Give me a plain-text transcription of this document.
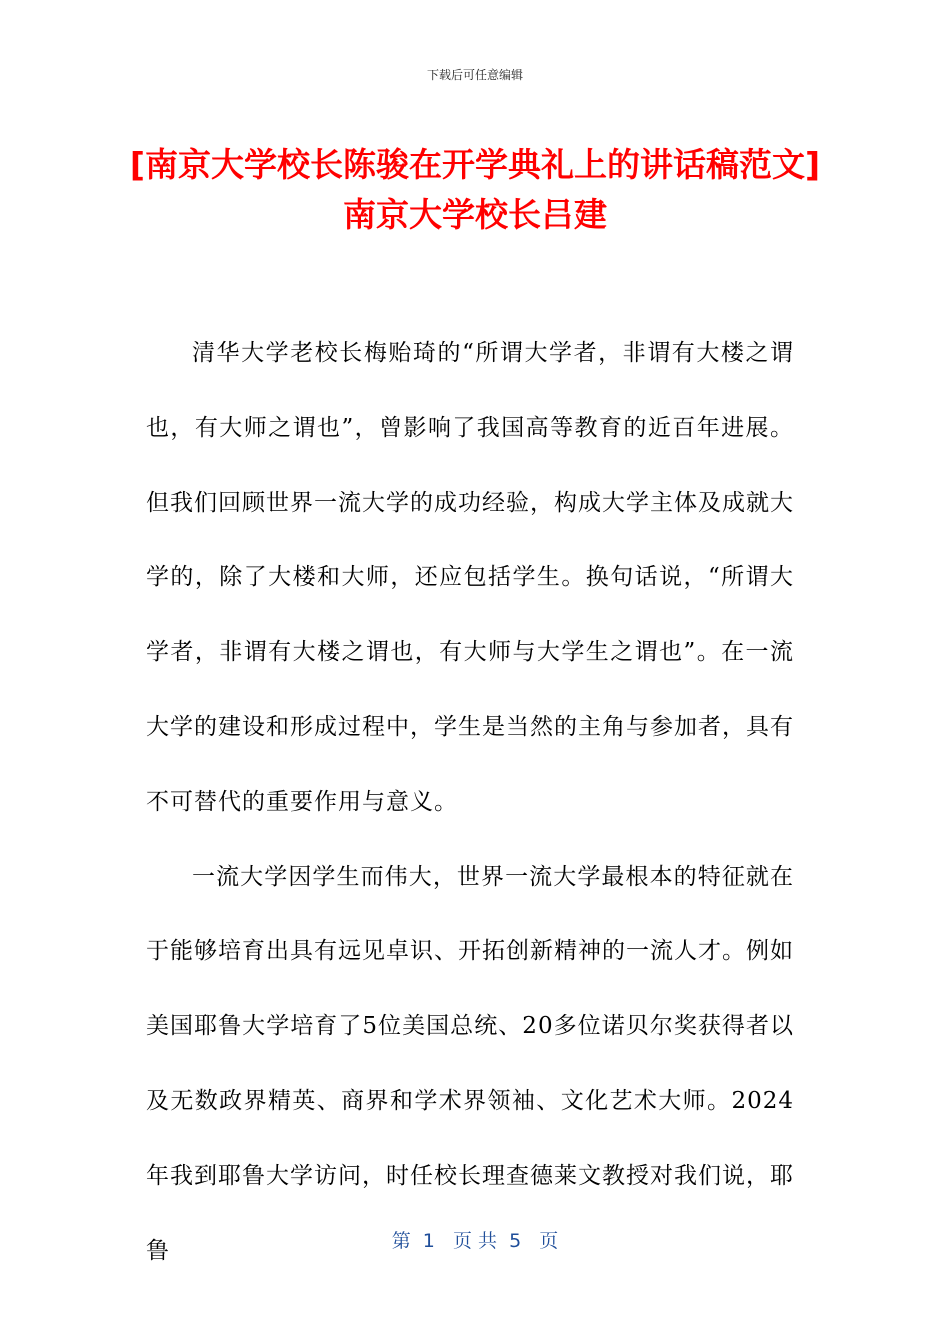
下载后可任意编辑
[南京大学校长陈骏在开学典礼上的讲话稿范文] 南京大学校长吕建

清华大学老校长梅贻琦的“所谓大学者，非谓有大楼之谓也，有大师之谓也”，曾影响了我国高等教育的近百年进展。但我们回顾世界一流大学的成功经验，构成大学主体及成就大学的，除了大楼和大师，还应包括学生。换句话说，“所谓大学者，非谓有大楼之谓也，有大师与大学生之谓也”。在一流大学的建设和形成过程中，学生是当然的主角与参加者，具有不可替代的重要作用与意义。

一流大学因学生而伟大，世界一流大学最根本的特征就在于能够培育出具有远见卓识、开拓创新精神的一流人才。例如美国耶鲁大学培育了5位美国总统、20多位诺贝尔奖获得者以及无数政界精英、商界和学术界领袖、文化艺术大师。2024年我到耶鲁大学访问，时任校长理查德莱文教授对我们说，耶鲁	第  1   页 共  5   页
